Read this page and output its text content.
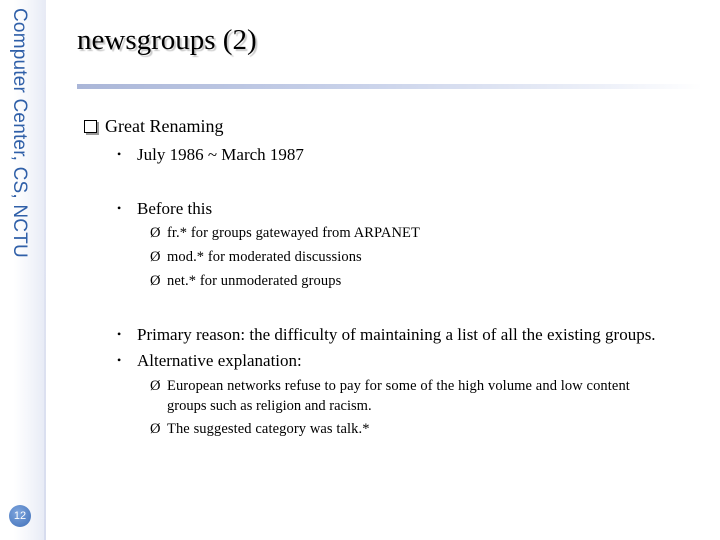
Computer Center, CS, NCTU
12
newsgroups (2)
Great Renaming
• July 1986 ~ March 1987
• Before this
Ø fr.* for groups gatewayed from ARPANET
Ø mod.* for moderated discussions
Ø net.* for unmoderated groups
• Primary reason: the difficulty of maintaining a list of all the existing groups.
• Alternative explanation:
Ø European networks refuse to pay for some of the high volume and low content
groups such as religion and racism.
Ø The suggested category was talk.*
